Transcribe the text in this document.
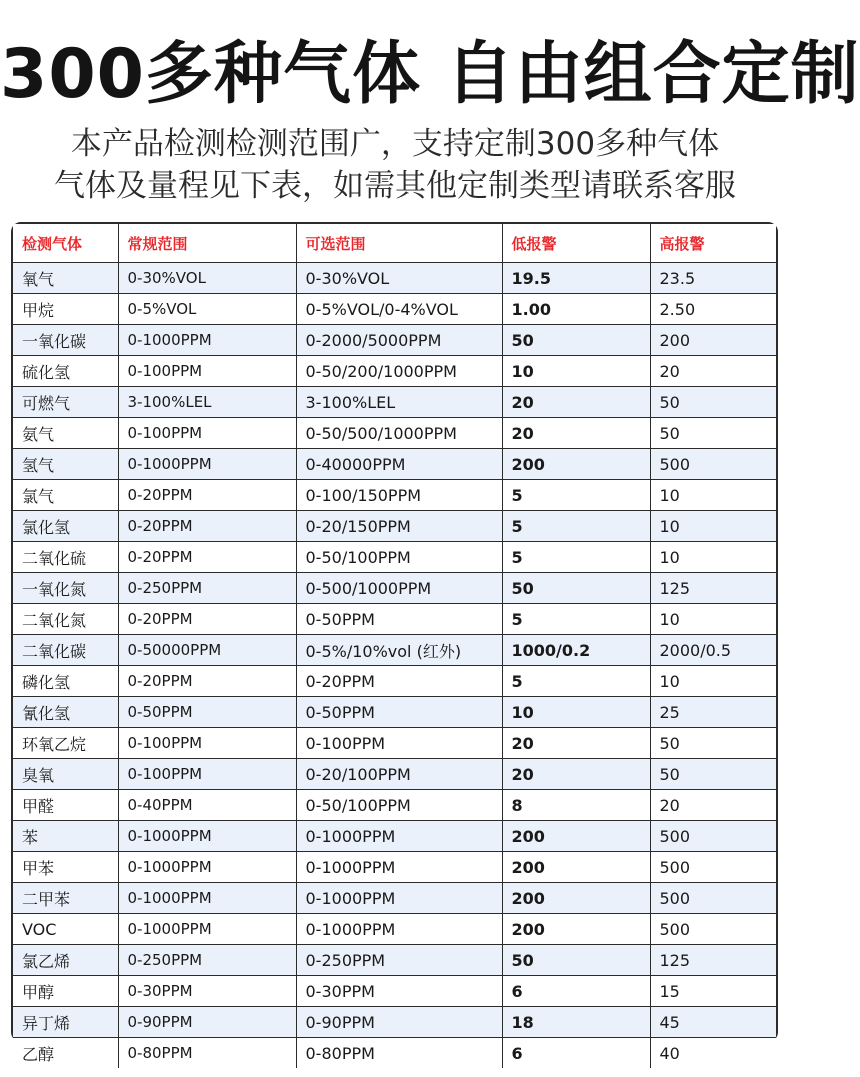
300多种气体 自由组合定制
本产品检测检测范围广，支持定制300多种气体
气体及量程见下表，如需其他定制类型请联系客服
检测气体	常规范围	可选范围	低报警	高报警
氧气	0-30%VOL	0-30%VOL	19.5	23.5
甲烷	0-5%VOL	0-5%VOL/0-4%VOL	1.00	2.50
一氧化碳	0-1000PPM	0-2000/5000PPM	50	200
硫化氢	0-100PPM	0-50/200/1000PPM	10	20
可燃气	3-100%LEL	3-100%LEL	20	50
氨气	0-100PPM	0-50/500/1000PPM	20	50
氢气	0-1000PPM	0-40000PPM	200	500
氯气	0-20PPM	0-100/150PPM	5	10
氯化氢	0-20PPM	0-20/150PPM	5	10
二氧化硫	0-20PPM	0-50/100PPM	5	10
一氧化氮	0-250PPM	0-500/1000PPM	50	125
二氧化氮	0-20PPM	0-50PPM	5	10
二氧化碳	0-50000PPM	0-5%/10%vol (红外)	1000/0.2	2000/0.5
磷化氢	0-20PPM	0-20PPM	5	10
氰化氢	0-50PPM	0-50PPM	10	25
环氧乙烷	0-100PPM	0-100PPM	20	50
臭氧	0-100PPM	0-20/100PPM	20	50
甲醛	0-40PPM	0-50/100PPM	8	20
苯	0-1000PPM	0-1000PPM	200	500
甲苯	0-1000PPM	0-1000PPM	200	500
二甲苯	0-1000PPM	0-1000PPM	200	500
VOC	0-1000PPM	0-1000PPM	200	500
氯乙烯	0-250PPM	0-250PPM	50	125
甲醇	0-30PPM	0-30PPM	6	15
异丁烯	0-90PPM	0-90PPM	18	45
乙醇	0-80PPM	0-80PPM	6	40
